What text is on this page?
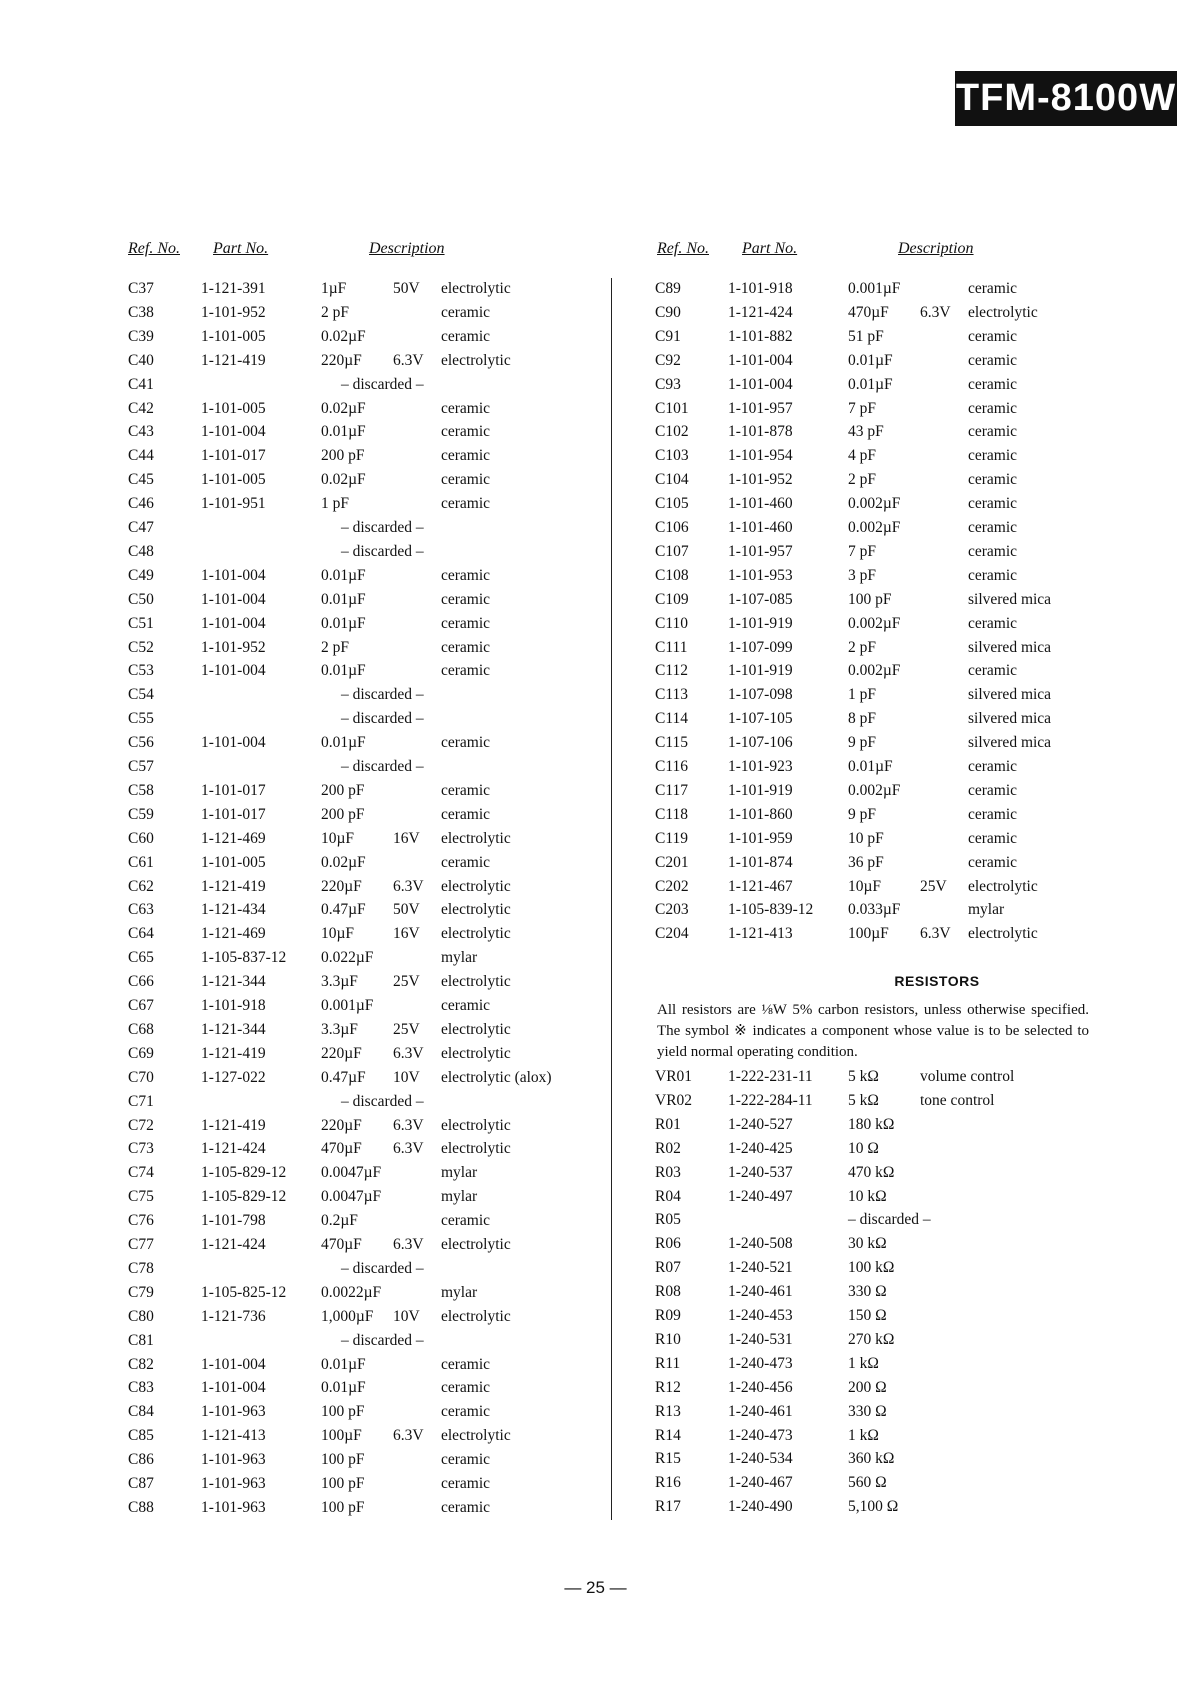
TFM-8100W
Ref. No. Part No.	Description	Ref. No. Part No.	Description
C37	1-121-391	1µF	50V electrolytic
C38	1-101-952	2 pF	ceramic
C39	1-101-005	0.02µF	ceramic
C40	1-121-419	220µF 6.3V electrolytic
C41	– discarded –
C42	1-101-005	0.02µF	ceramic
C43	1-101-004	0.01µF	ceramic
C44	1-101-017	200 pF	ceramic
C45	1-101-005	0.02µF	ceramic
C46	1-101-951	1 pF	ceramic
C47	– discarded –
C48	– discarded –
C49	1-101-004	0.01µF	ceramic
C50	1-101-004	0.01µF	ceramic
C51	1-101-004	0.01µF	ceramic
C52	1-101-952	2 pF	ceramic
C53	1-101-004	0.01µF	ceramic
C54	– discarded –
C55	– discarded –
C56	1-101-004	0.01µF	ceramic
C57	– discarded –
C58	1-101-017	200 pF	ceramic
C59	1-101-017	200 pF	ceramic
C60	1-121-469	10µF	16V electrolytic
C61	1-101-005	0.02µF	ceramic
C62	1-121-419	220µF 6.3V electrolytic
C63	1-121-434	0.47µF 50V electrolytic
C64	1-121-469	10µF	16V electrolytic
C65	1-105-837-12 0.022µF	mylar
C66	1-121-344	3.3µF 25V electrolytic
C67	1-101-918	0.001µF	ceramic
C68	1-121-344	3.3µF 25V electrolytic
C69	1-121-419	220µF 6.3V electrolytic
C70	1-127-022	0.47µF 10V electrolytic (alox)
C71	– discarded –
C72	1-121-419	220µF 6.3V electrolytic
C73	1-121-424	470µF 6.3V electrolytic
C74	1-105-829-12 0.0047µF	mylar
C75	1-105-829-12 0.0047µF	mylar
C76	1-101-798	0.2µF	ceramic
C77	1-121-424	470µF 6.3V electrolytic
C78	– discarded –
C79	1-105-825-12 0.0022µF	mylar
C80	1-121-736	1,000µF 10V electrolytic
C81	– discarded –
C82	1-101-004	0.01µF	ceramic
C83	1-101-004	0.01µF	ceramic
C84	1-101-963	100 pF	ceramic
C85	1-121-413	100µF 6.3V electrolytic
C86	1-101-963	100 pF	ceramic
C87	1-101-963	100 pF	ceramic
C88	1-101-963	100 pF	ceramic
C89	1-101-918	0.001µF	ceramic
C90	1-121-424	470µF 6.3V electrolytic
C91	1-101-882	51 pF	ceramic
C92	1-101-004	0.01µF	ceramic
C93	1-101-004	0.01µF	ceramic
C101	1-101-957	7 pF	ceramic
C102	1-101-878	43 pF	ceramic
C103	1-101-954	4 pF	ceramic
C104	1-101-952	2 pF	ceramic
C105	1-101-460	0.002µF	ceramic
C106	1-101-460	0.002µF	ceramic
C107	1-101-957	7 pF	ceramic
C108	1-101-953	3 pF	ceramic
C109	1-107-085	100 pF	silvered mica
C110	1-101-919	0.002µF	ceramic
C111	1-107-099	2 pF	silvered mica
C112	1-101-919	0.002µF	ceramic
C113	1-107-098	1 pF	silvered mica
C114	1-107-105	8 pF	silvered mica
C115	1-107-106	9 pF	silvered mica
C116	1-101-923	0.01µF	ceramic
C117	1-101-919	0.002µF	ceramic
C118	1-101-860	9 pF	ceramic
C119	1-101-959	10 pF	ceramic
C201	1-101-874	36 pF	ceramic
C202	1-121-467	10µF	25V electrolytic
C203	1-105-839-12 0.033µF	mylar
C204	1-121-413	100µF 6.3V electrolytic
RESISTORS
All resistors are ⅛W 5% carbon resistors, unless otherwise specified. The symbol ※ indicates a component whose value is to be selected to yield normal operating condition.
VR01 1-222-231-11 5 kΩ	volume control
VR02 1-222-284-11 5 kΩ	tone control
R01	1-240-527	180 kΩ
R02	1-240-425	10 Ω
R03	1-240-537	470 kΩ
R04	1-240-497	10 kΩ
R05	– discarded –
R06	1-240-508	30 kΩ
R07	1-240-521	100 kΩ
R08	1-240-461	330 Ω
R09	1-240-453	150 Ω
R10	1-240-531	270 kΩ
R11	1-240-473	1 kΩ
R12	1-240-456	200 Ω
R13	1-240-461	330 Ω
R14	1-240-473	1 kΩ
R15	1-240-534	360 kΩ
R16	1-240-467	560 Ω
R17	1-240-490	5,100 Ω
— 25 —
